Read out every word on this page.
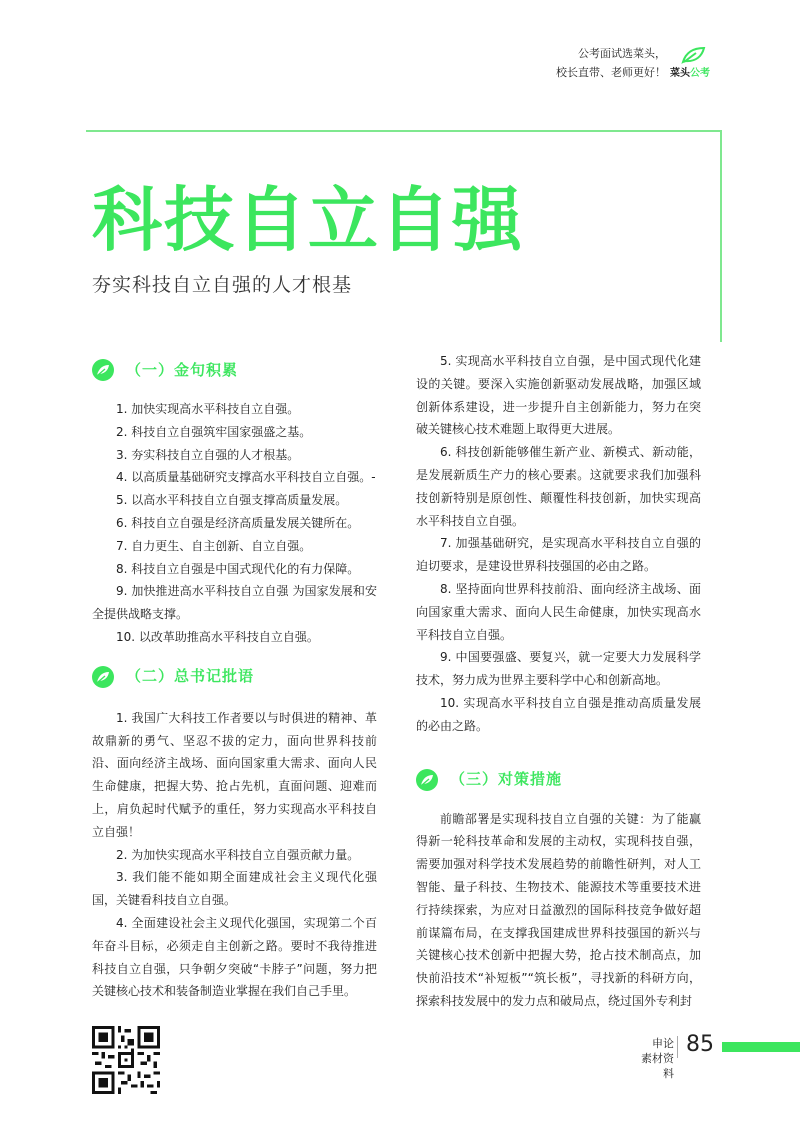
公考面试选菜头，
校长直带、老师更好！ 菜头公考
科技自立自强
夯实科技自立自强的人才根基
（一）金句积累

1. 加快实现高水平科技自立自强。

2. 科技自立自强筑牢国家强盛之基。

3. 夯实科技自立自强的人才根基。

4. 以高质量基础研究支撑高水平科技自立自强。-

5. 以高水平科技自立自强支撑高质量发展。

6. 科技自立自强是经济高质量发展关键所在。

7. 自力更生、自主创新、自立自强。

8. 科技自立自强是中国式现代化的有力保障。

9. 加快推进高水平科技自立自强 为国家发展和安全提供战略支撑。

10. 以改革助推高水平科技自立自强。

（二）总书记批语

1. 我国广大科技工作者要以与时俱进的精神、革故鼎新的勇气、坚忍不拔的定力，面向世界科技前沿、面向经济主战场、面向国家重大需求、面向人民生命健康，把握大势、抢占先机，直面问题、迎难而上，肩负起时代赋予的重任，努力实现高水平科技自立自强！

2. 为加快实现高水平科技自立自强贡献力量。

3. 我们能不能如期全面建成社会主义现代化强国，关键看科技自立自强。

4. 全面建设社会主义现代化强国，实现第二个百年奋斗目标，必须走自主创新之路。要时不我待推进科技自立自强，只争朝夕突破“卡脖子”问题，努力把关键核心技术和装备制造业掌握在我们自己手里。

5. 实现高水平科技自立自强，是中国式现代化建设的关键。要深入实施创新驱动发展战略，加强区域创新体系建设，进一步提升自主创新能力，努力在突破关键核心技术难题上取得更大进展。

6. 科技创新能够催生新产业、新模式、新动能，是发展新质生产力的核心要素。这就要求我们加强科技创新特别是原创性、颠覆性科技创新，加快实现高水平科技自立自强。

7. 加强基础研究，是实现高水平科技自立自强的迫切要求，是建设世界科技强国的必由之路。

8. 坚持面向世界科技前沿、面向经济主战场、面向国家重大需求、面向人民生命健康，加快实现高水平科技自立自强。

9. 中国要强盛、要复兴，就一定要大力发展科学技术，努力成为世界主要科学中心和创新高地。

10. 实现高水平科技自立自强是推动高质量发展的必由之路。

（三）对策措施

前瞻部署是实现科技自立自强的关键：为了能赢得新一轮科技革命和发展的主动权，实现科技自强，需要加强对科学技术发展趋势的前瞻性研判，对人工智能、量子科技、生物技术、能源技术等重要技术进行持续探索，为应对日益激烈的国际科技竞争做好超前谋篇布局，在支撑我国建成世界科技强国的新兴与关键核心技术创新中把握大势，抢占技术制高点，加快前沿技术“补短板”“筑长板”，寻找新的科研方向，探索科技发展中的发力点和破局点，绕过国外专利封

申论
素材资料
85
